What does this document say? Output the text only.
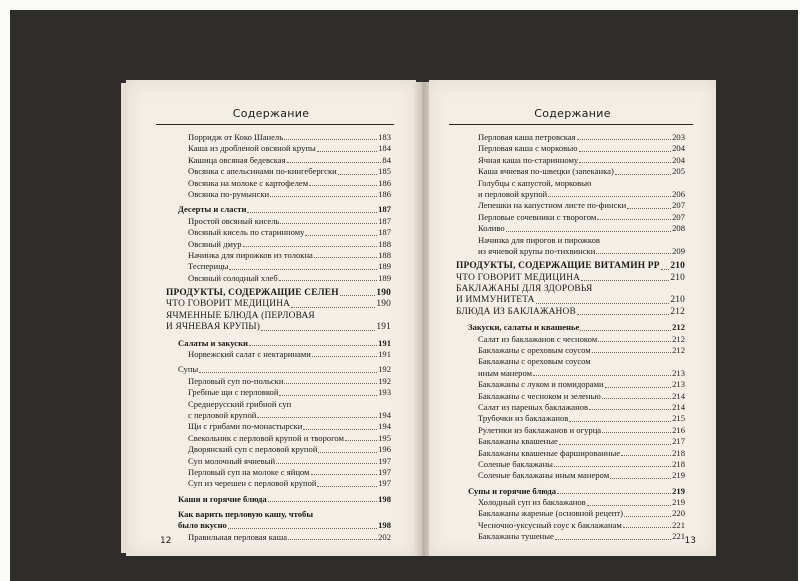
Содержание
Порридж от Коко Шанель	183
Каша из дробленой овсяной крупы	184
Кашица овсяная бедевская	84
Овсянка с апельсинами по-кингебергски	185
Овсянка на молоке с картофелем	186
Овсянка по-румынски	186
Десерты и сласти	187
Простой овсяный кисель	187
Овсяный кисель по старинному	187
Овсяный дмур	188
Начинка для пирожков из толокна	188
Тесперицы	189
Овсяный солодный хлеб	189
ПРОДУКТЫ, СОДЕРЖАЩИЕ СЕЛЕН	190
ЧТО ГОВОРИТ МЕДИЦИНА	190
ЯЧМЕННЫЕ БЛЮДА (ПЕРЛОВАЯ
И ЯЧНЕВАЯ КРУПЫ)	191
Салаты и закуски	191
Норвежский салат с нектаринами	191
Супы	192
Перловый суп по-польски	192
Гребные щи с перловкой	193
Среднерусский грибной суп
с перловой крупой	194
Щи с грибами по-монастырски	194
Свекольник с перловой крупой и творогом	195
Дворянский суп с перловой крупой	196
Суп молочный ячневый	197
Перловый суп на молоке с яйцом	197
Суп из черешен с перловой крупой	197
Каши и горячие блюда	198
Как варить перловую кашу, чтобы
было вкусно	198
Правильная перловая каша	202
12
Содержание
Перловая каша петровская	203
Перловая каша с морковью	204
Ячная каша по-старинному	204
Каша ячневая по-швецки (запеканка)	205
Голубцы с капустой, морковью
и перловой крупой	206
Лепешки на капустном листе по-фински	207
Перловые сочевники с творогом	207
Коливо	208
Начинка для пирогов и пирожков
из ячневой крупы по-тихвински	209
ПРОДУКТЫ, СОДЕРЖАЩИЕ ВИТАМИН РР 210
ЧТО ГОВОРИТ МЕДИЦИНА	210
БАКЛАЖАНЫ ДЛЯ ЗДОРОВЬЯ
И ИММУНИТЕТА	210
БЛЮДА ИЗ БАКЛАЖАНОВ	212
Закуски, салаты и квашенье	212
Салат из баклажанов с чесноком	212
Баклажаны с ореховым соусом	212
Баклажаны с ореховым соусом
иным манером	213
Баклажаны с луком и помидорами	213
Баклажаны с чесноком и зеленью	214
Салат из пареных баклажанов	214
Трубочки из баклажанов	215
Рулетики из баклажанов и огурца	216
Баклажаны квашеные	217
Баклажаны квашеные фаршированные	218
Соленые баклажаны	218
Соленые баклажаны иным манером	219
Супы и горячие блюда	219
Холодный суп из баклажанов	219
Баклажаны жареные (основной рецепт)	220
Чесночно-уксусный соус к баклажанам	221
Баклажаны тушеные	221 13
